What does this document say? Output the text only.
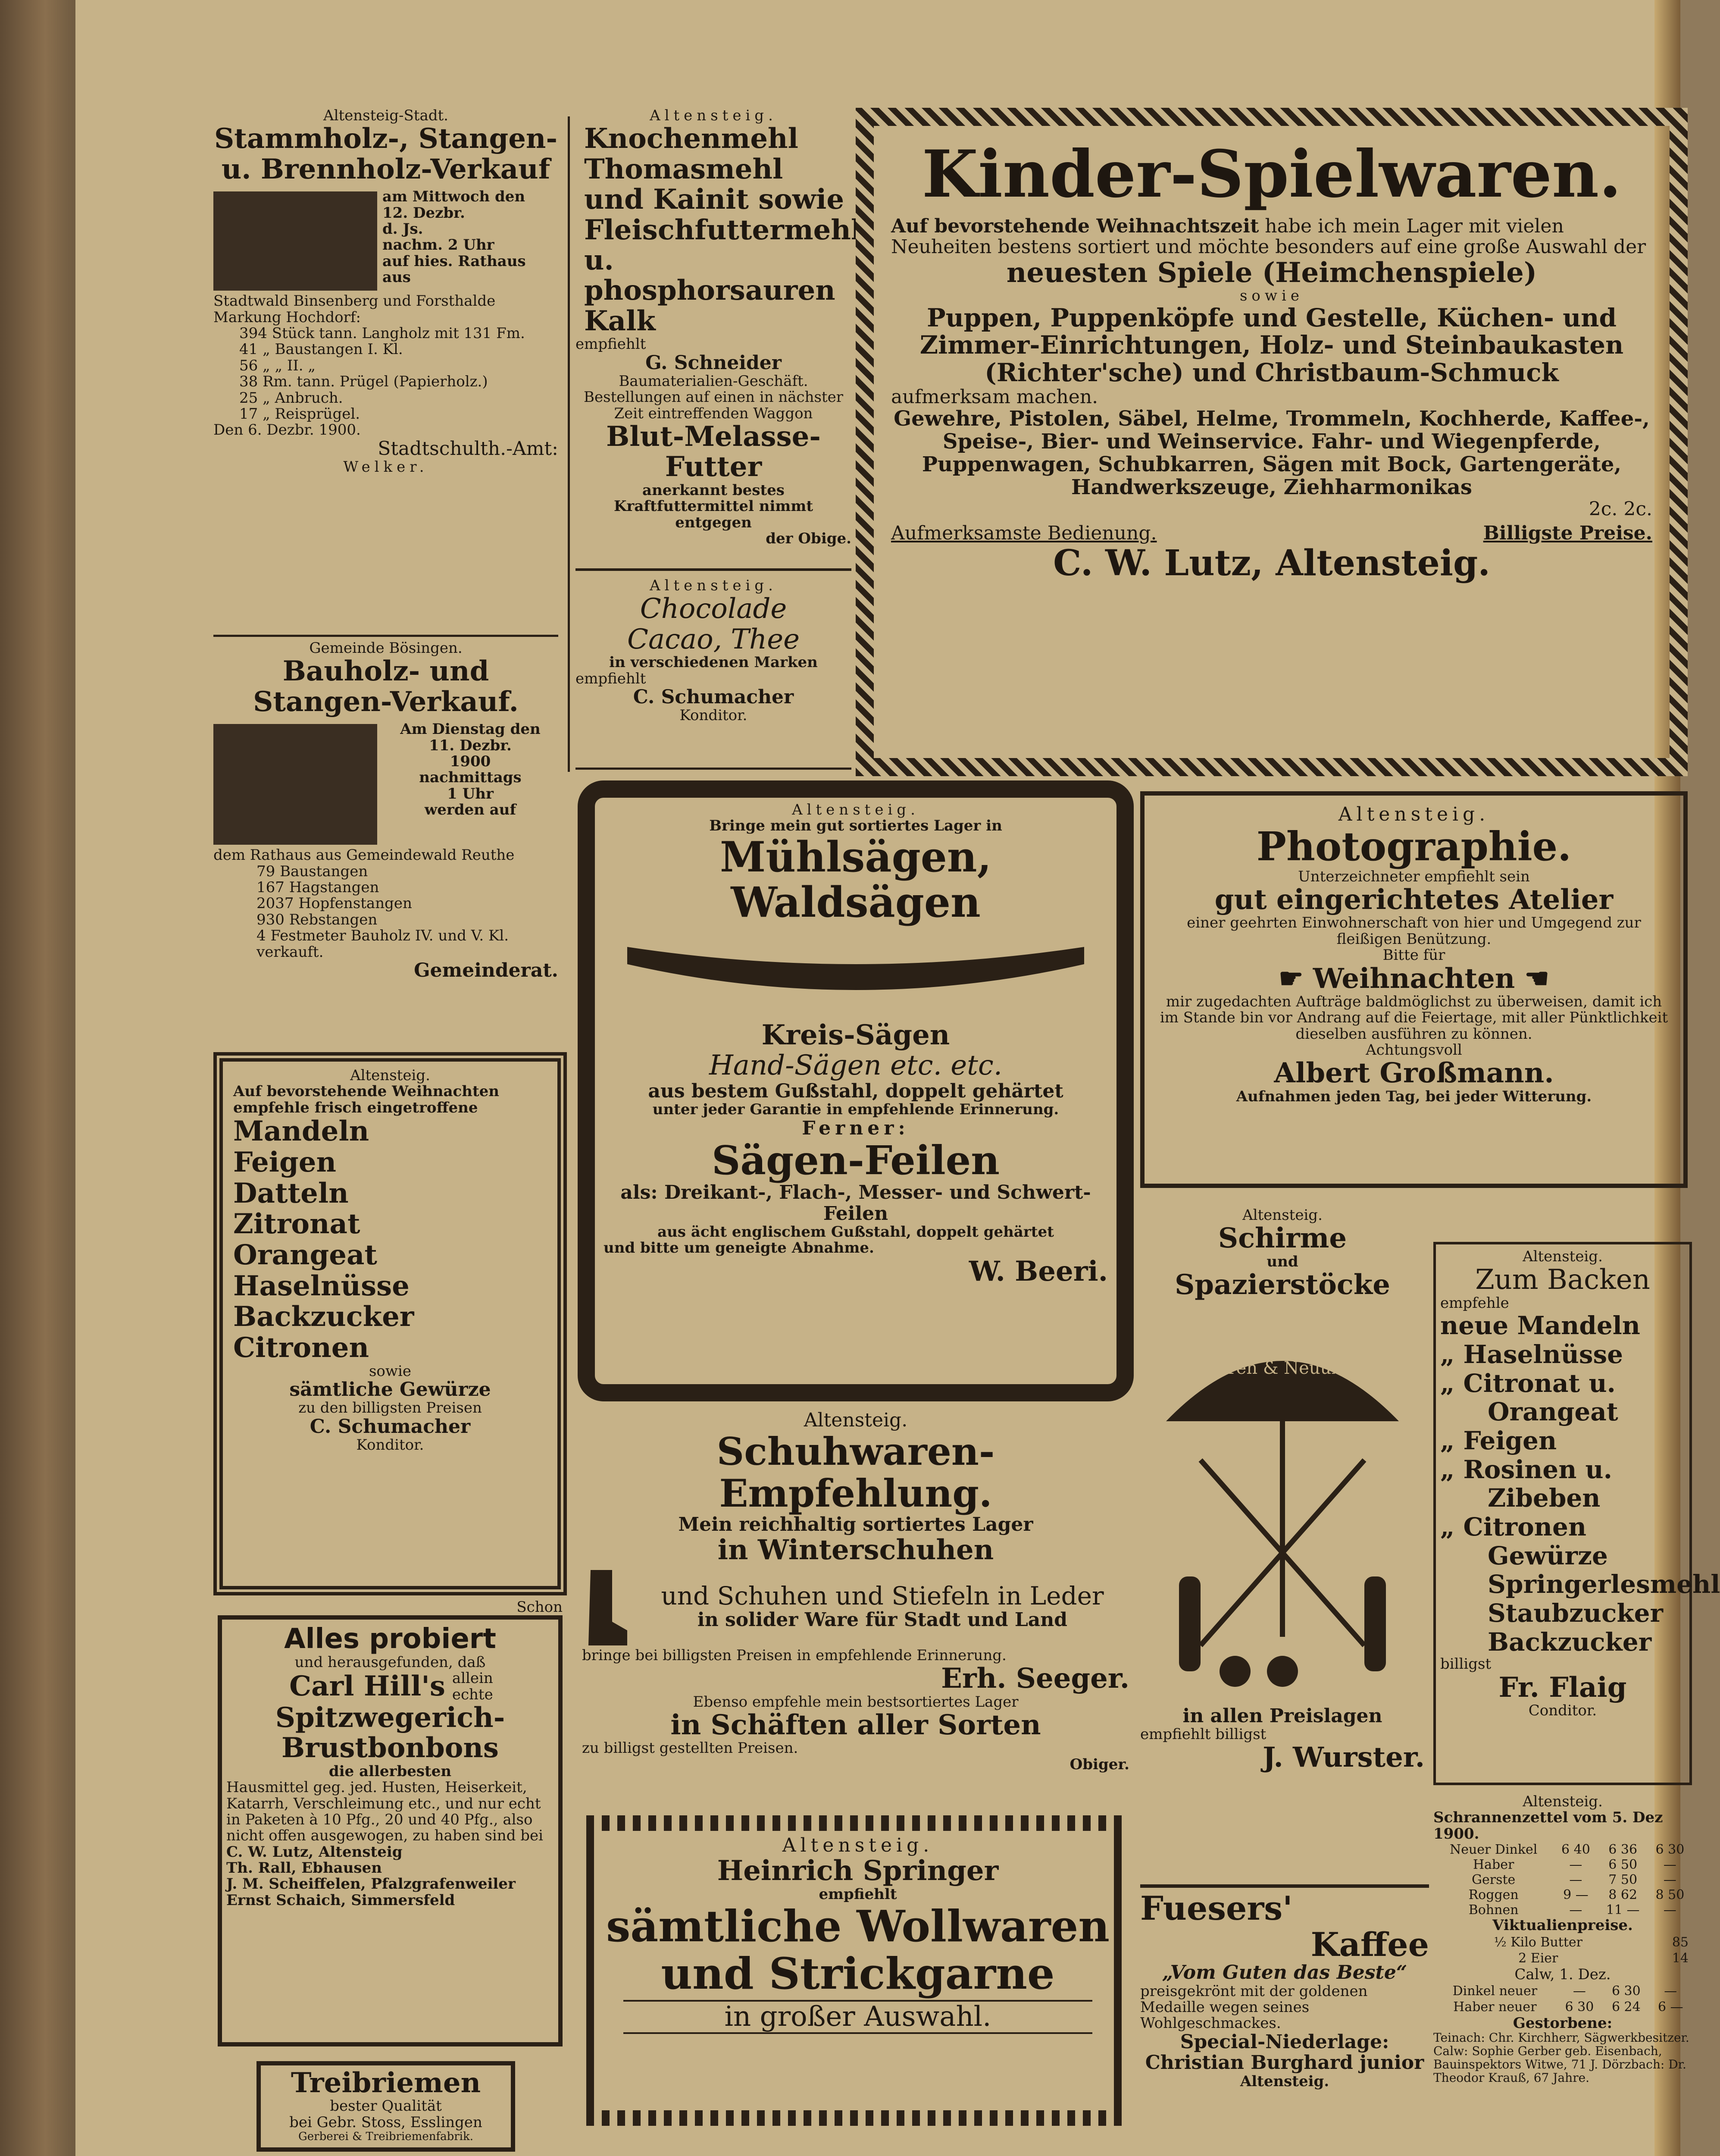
Altensteig-Stadt.
Stammholz-, Stangen- u. Brennholz-Verkauf
am Mittwoch den
12. Dezbr.
d. Js.
nachm. 2 Uhr
auf hies. Rathaus aus
Stadtwald Binsenberg und Forsthalde Markung Hochdorf:
394 Stück tann. Langholz mit 131 Fm.
41 „ Baustangen I. Kl.
56 „ „ II. „
38 Rm. tann. Prügel (Papierholz.)
25 „ Anbruch.
17 „ Reisprügel.
Den 6. Dezbr. 1900.
Stadtschulth.-Amt:
Welker.
Gemeinde Bösingen.
Bauholz- und Stangen-Verkauf.
Am Dienstag den
11. Dezbr.
1900
nachmittags
1 Uhr
werden auf
dem Rathaus aus Gemeindewald Reuthe
79 Baustangen
167 Hagstangen
2037 Hopfenstangen
930 Rebstangen
4 Festmeter Bauholz IV. und V. Kl. verkauft.
Gemeinderat.
Altensteig.
Auf bevorstehende Weihnachten
empfehle frisch eingetroffene
Mandeln
Feigen
Datteln
Zitronat
Orangeat
Haselnüsse
Backzucker
Citronen
sowie
sämtliche Gewürze
zu den billigsten Preisen
C. Schumacher
Konditor.
Schon
Alles probiert
und herausgefunden, daß
Carl Hill's allein echte
Spitzwegerich-
Brustbonbons
die allerbesten
Hausmittel geg. jed. Husten, Heiserkeit, Katarrh, Verschleimung etc., und nur echt in Paketen à 10 Pfg., 20 und 40 Pfg., also nicht offen ausgewogen, zu haben sind bei
C. W. Lutz, Altensteig
Th. Rall, Ebhausen
J. M. Scheiffelen, Pfalzgrafenweiler
Ernst Schaich, Simmersfeld
Treibriemen
bester Qualität
bei Gebr. Stoss, Esslingen
Gerberei & Treibriemenfabrik.
Altensteig.
Knochenmehl
Thomasmehl
und Kainit sowie
Fleischfuttermehl u.
phosphorsauren Kalk
empfiehlt
G. Schneider
Baumaterialien-Geschäft.
Bestellungen auf einen in nächster Zeit eintreffenden Waggon
Blut-Melasse-Futter
anerkannt bestes Kraftfuttermittel nimmt entgegen
der Obige.
Altensteig.
Chocolade
Cacao, Thee
in verschiedenen Marken
empfiehlt
C. Schumacher
Konditor.
Kinder-Spielwaren.
Auf bevorstehende Weihnachtszeit habe ich mein Lager mit vielen Neuheiten bestens sortiert und möchte besonders auf eine große Auswahl der
neuesten Spiele (Heimchenspiele)
sowie
Puppen, Puppenköpfe und Gestelle, Küchen- und Zimmer-Einrichtungen, Holz- und Steinbaukasten (Richter'sche) und Christbaum-Schmuck
aufmerksam machen.
Gewehre, Pistolen, Säbel, Helme, Trommeln, Kochherde, Kaffee-, Speise-, Bier- und Weinservice. Fahr- und Wiegenpferde, Puppenwagen, Schubkarren, Sägen mit Bock, Gartengeräte, Handwerkszeuge, Ziehharmonikas
2c. 2c.
Aufmerksamste Bedienung.	Billigste Preise.
C. W. Lutz, Altensteig.
Altensteig.
Bringe mein gut sortiertes Lager in
Mühlsägen, Waldsägen
Kreis-Sägen
Hand-Sägen etc. etc.
aus bestem Gußstahl, doppelt gehärtet
unter jeder Garantie in empfehlende Erinnerung.
Ferner:
Sägen-Feilen
als: Dreikant-, Flach-, Messer- und Schwert-Feilen
aus ächt englischem Gußstahl, doppelt gehärtet
und bitte um geneigte Abnahme.
W. Beeri.
Altensteig.
Schuhwaren-Empfehlung.
Mein reichhaltig sortiertes Lager
in Winterschuhen
und Schuhen und Stiefeln in Leder
in solider Ware für Stadt und Land
bringe bei billigsten Preisen in empfehlende Erinnerung.
Erh. Seeger.
Ebenso empfehle mein bestsortiertes Lager
in Schäften aller Sorten
zu billigst gestellten Preisen.
Obiger.
Altensteig.
Heinrich Springer
empfiehlt
sämtliche Wollwaren
und Strickgarne
in großer Auswahl.
Altensteig.
Photographie.
Unterzeichneter empfiehlt sein
gut eingerichtetes Atelier
einer geehrten Einwohnerschaft von hier und Umgegend zur fleißigen Benützung.
Bitte für
☛ Weihnachten ☚
mir zugedachten Aufträge baldmöglichst zu überweisen, damit ich im Stande bin vor Andrang auf die Feiertage, mit aller Pünktlichkeit dieselben ausführen zu können.
Achtungsvoll
Albert Großmann.
Aufnahmen jeden Tag, bei jeder Witterung.
Altensteig.
Schirme
und
Spazierstöcke
Reparaturen & Neuüberziehen
in allen Preislagen
empfiehlt billigst
J. Wurster.
Altensteig.
Zum Backen
empfehle
neue Mandeln
„ Haselnüsse
„ Citronat u.
Orangeat
„ Feigen
„ Rosinen u.
Zibeben
„ Citronen
Gewürze
Springerlesmehl
Staubzucker
Backzucker
billigst
Fr. Flaig
Conditor.
Fuesers'
Kaffee
„Vom Guten das Beste“
preisgekrönt mit der goldenen Medaille wegen seines Wohlgeschmackes.
Special-Niederlage:
Christian Burghard junior
Altensteig.
Altensteig.
Schrannenzettel vom 5. Dez 1900.
Neuer Dinkel	6 40	6 36	6 30
Haber	—	6 50	—
Gerste	—	7 50	—
Roggen	9 —	8 62	8 50
Bohnen	—	11 —	—
Viktualienpreise.
½ Kilo Butter	85
2 Eier	14
Calw, 1. Dez.
Dinkel neuer	—	6 30	—
Haber neuer	6 30	6 24	6 —
Gestorbene:
Teinach: Chr. Kirchherr, Sägwerkbesitzer. Calw: Sophie Gerber geb. Eisenbach, Bauinspektors Witwe, 71 J. Dörzbach: Dr. Theodor Krauß, 67 Jahre.
